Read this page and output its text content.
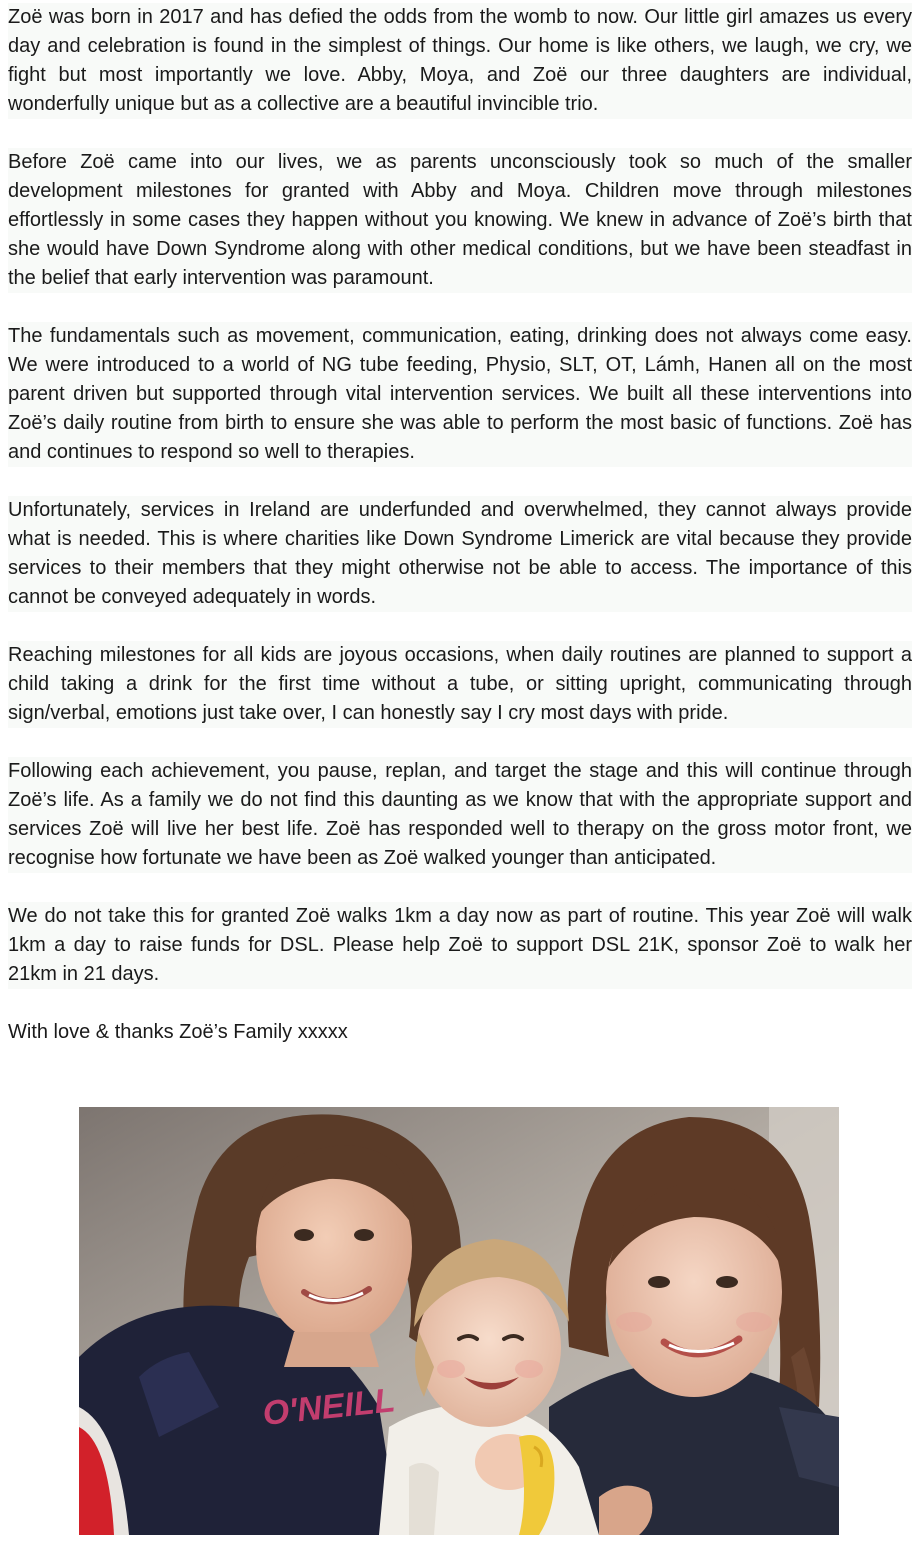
Zoë was born in 2017 and has defied the odds from the womb to now. Our little girl amazes us every day and celebration is found in the simplest of things. Our home is like others, we laugh, we cry, we fight but most importantly we love. Abby, Moya, and Zoë our three daughters are individual, wonderfully unique but as a collective are a beautiful invincible trio.

Before Zoë came into our lives, we as parents unconsciously took so much of the smaller development milestones for granted with Abby and Moya. Children move through milestones effortlessly in some cases they happen without you knowing. We knew in advance of Zoë’s birth that she would have Down Syndrome along with other medical conditions, but we have been steadfast in the belief that early intervention was paramount.

The fundamentals such as movement, communication, eating, drinking does not always come easy. We were introduced to a world of NG tube feeding, Physio, SLT, OT, Lámh, Hanen all on the most parent driven but supported through vital intervention services. We built all these interventions into Zoë’s daily routine from birth to ensure she was able to perform the most basic of functions. Zoë has and continues to respond so well to therapies.

Unfortunately, services in Ireland are underfunded and overwhelmed, they cannot always provide what is needed. This is where charities like Down Syndrome Limerick are vital because they provide services to their members that they might otherwise not be able to access. The importance of this cannot be conveyed adequately in words.

Reaching milestones for all kids are joyous occasions, when daily routines are planned to support a child taking a drink for the first time without a tube, or sitting upright, communicating through sign/verbal, emotions just take over, I can honestly say I cry most days with pride.

Following each achievement, you pause, replan, and target the stage and this will continue through Zoë’s life. As a family we do not find this daunting as we know that with the appropriate support and services Zoë will live her best life. Zoë has responded well to therapy on the gross motor front, we recognise how fortunate we have been as Zoë walked younger than anticipated.

We do not take this for granted Zoë walks 1km a day now as part of routine. This year Zoë will walk 1km a day to raise funds for DSL. Please help Zoë to support DSL 21K, sponsor Zoë to walk her 21km in 21 days.

With love & thanks Zoë’s Family xxxxx

O'NEILL
